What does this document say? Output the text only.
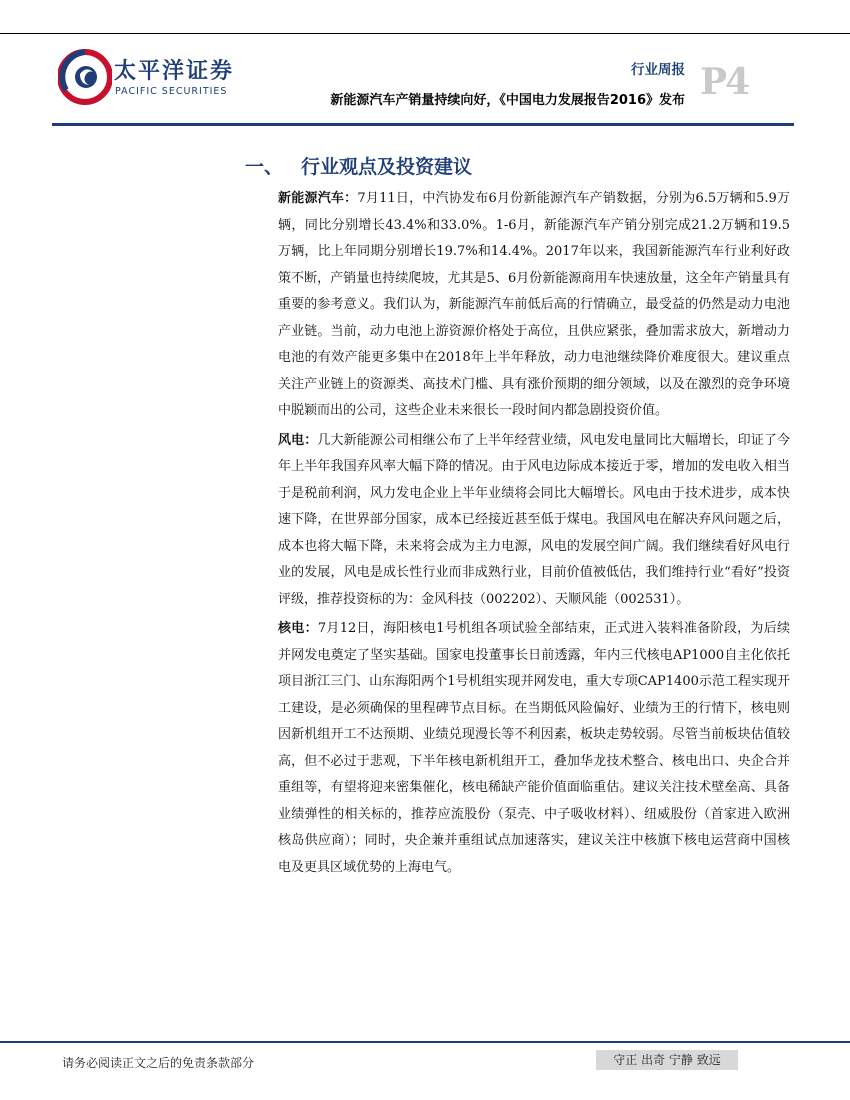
太平洋证券
PACIFIC SECURITIES
行业周报 P4
新能源汽车产销量持续向好，《中国电力发展报告2016》发布
一、 行业观点及投资建议

新能源汽车：7月11日，中汽协发布6月份新能源汽车产销数据，分别为6.5万辆和5.9万辆，同比分别增长43.4%和33.0%。1-6月，新能源汽车产销分别完成21.2万辆和19.5万辆，比上年同期分别增长19.7%和14.4%。2017年以来，我国新能源汽车行业利好政策不断，产销量也持续爬坡，尤其是5、6月份新能源商用车快速放量，这全年产销量具有重要的参考意义。我们认为，新能源汽车前低后高的行情确立，最受益的仍然是动力电池产业链。当前，动力电池上游资源价格处于高位，且供应紧张，叠加需求放大，新增动力电池的有效产能更多集中在2018年上半年释放，动力电池继续降价难度很大。建议重点关注产业链上的资源类、高技术门槛、具有涨价预期的细分领域，以及在激烈的竞争环境中脱颖而出的公司，这些企业未来很长一段时间内都急剧投资价值。

风电：几大新能源公司相继公布了上半年经营业绩，风电发电量同比大幅增长，印证了今年上半年我国弃风率大幅下降的情况。由于风电边际成本接近于零，增加的发电收入相当于是税前利润，风力发电企业上半年业绩将会同比大幅增长。风电由于技术进步，成本快速下降，在世界部分国家，成本已经接近甚至低于煤电。我国风电在解决弃风问题之后，成本也将大幅下降，未来将会成为主力电源，风电的发展空间广阔。我们继续看好风电行业的发展，风电是成长性行业而非成熟行业，目前价值被低估，我们维持行业“看好”投资评级，推荐投资标的为：金风科技（002202）、天顺风能（002531）。

核电：7月12日，海阳核电1号机组各项试验全部结束，正式进入装料准备阶段，为后续并网发电奠定了坚实基础。国家电投董事长日前透露，年内三代核电AP1000自主化依托项目浙江三门、山东海阳两个1号机组实现并网发电，重大专项CAP1400示范工程实现开工建设，是必须确保的里程碑节点目标。在当期低风险偏好、业绩为王的行情下，核电则因新机组开工不达预期、业绩兑现漫长等不利因素，板块走势较弱。尽管当前板块估值较高，但不必过于悲观，下半年核电新机组开工，叠加华龙技术整合、核电出口、央企合并重组等，有望将迎来密集催化，核电稀缺产能价值面临重估。建议关注技术壁垒高、具备业绩弹性的相关标的，推荐应流股份（泵壳、中子吸收材料）、纽威股份（首家进入欧洲核岛供应商）；同时，央企兼并重组试点加速落实，建议关注中核旗下核电运营商中国核电及更具区域优势的上海电气。

请务必阅读正文之后的免责条款部分	守正 出奇 宁静 致远
